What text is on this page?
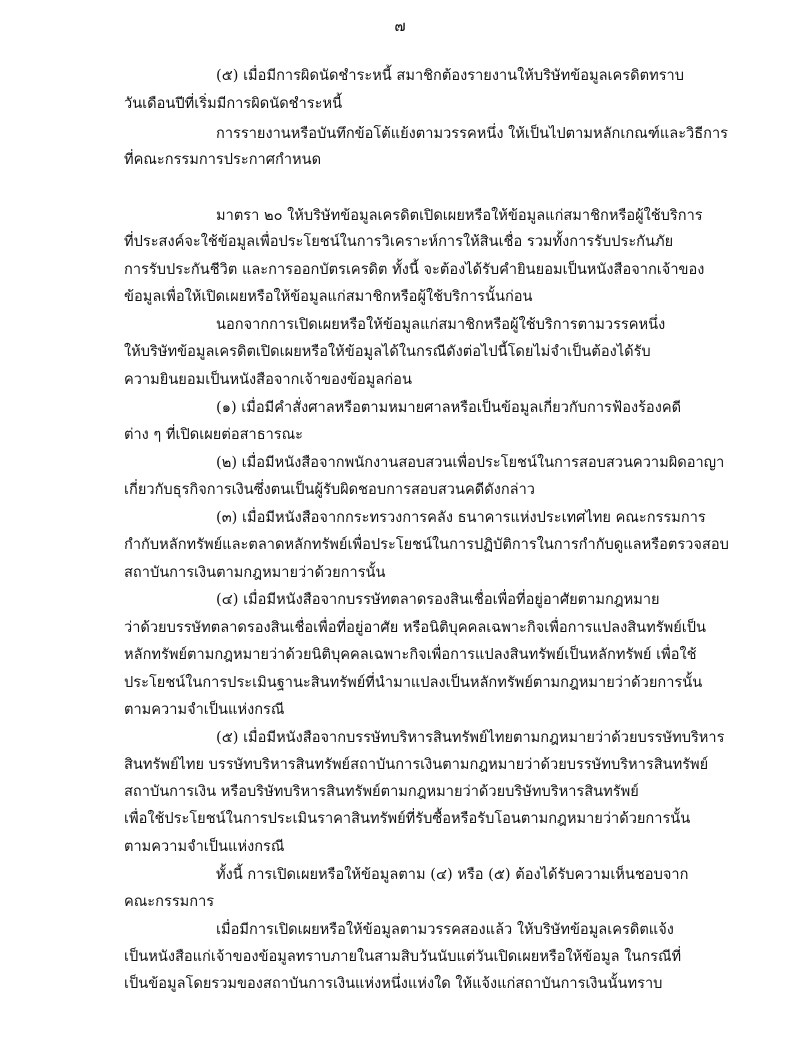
๗
(๕) เมื่อมีการผิดนัดชำระหนี้ สมาชิกต้องรายงานให้บริษัทข้อมูลเครดิตทราบ
วันเดือนปีที่เริ่มมีการผิดนัดชำระหนี้
การรายงานหรือบันทึกข้อโต้แย้งตามวรรคหนึ่ง ให้เป็นไปตามหลักเกณฑ์และวิธีการ
ที่คณะกรรมการประกาศกำหนด
มาตรา ๒๐ ให้บริษัทข้อมูลเครดิตเปิดเผยหรือให้ข้อมูลแก่สมาชิกหรือผู้ใช้บริการ
ที่ประสงค์จะใช้ข้อมูลเพื่อประโยชน์ในการวิเคราะห์การให้สินเชื่อ รวมทั้งการรับประกันภัย
การรับประกันชีวิต และการออกบัตรเครดิต ทั้งนี้ จะต้องได้รับคำยินยอมเป็นหนังสือจากเจ้าของ
ข้อมูลเพื่อให้เปิดเผยหรือให้ข้อมูลแก่สมาชิกหรือผู้ใช้บริการนั้นก่อน
นอกจากการเปิดเผยหรือให้ข้อมูลแก่สมาชิกหรือผู้ใช้บริการตามวรรคหนึ่ง
ให้บริษัทข้อมูลเครดิตเปิดเผยหรือให้ข้อมูลได้ในกรณีดังต่อไปนี้โดยไม่จำเป็นต้องได้รับ
ความยินยอมเป็นหนังสือจากเจ้าของข้อมูลก่อน
(๑) เมื่อมีคำสั่งศาลหรือตามหมายศาลหรือเป็นข้อมูลเกี่ยวกับการฟ้องร้องคดี
ต่าง ๆ ที่เปิดเผยต่อสาธารณะ
(๒) เมื่อมีหนังสือจากพนักงานสอบสวนเพื่อประโยชน์ในการสอบสวนความผิดอาญา
เกี่ยวกับธุรกิจการเงินซึ่งตนเป็นผู้รับผิดชอบการสอบสวนคดีดังกล่าว
(๓) เมื่อมีหนังสือจากกระทรวงการคลัง ธนาคารแห่งประเทศไทย คณะกรรมการ
กำกับหลักทรัพย์และตลาดหลักทรัพย์เพื่อประโยชน์ในการปฏิบัติการในการกำกับดูแลหรือตรวจสอบ
สถาบันการเงินตามกฎหมายว่าด้วยการนั้น
(๔) เมื่อมีหนังสือจากบรรษัทตลาดรองสินเชื่อเพื่อที่อยู่อาศัยตามกฎหมาย
ว่าด้วยบรรษัทตลาดรองสินเชื่อเพื่อที่อยู่อาศัย หรือนิติบุคคลเฉพาะกิจเพื่อการแปลงสินทรัพย์เป็น
หลักทรัพย์ตามกฎหมายว่าด้วยนิติบุคคลเฉพาะกิจเพื่อการแปลงสินทรัพย์เป็นหลักทรัพย์ เพื่อใช้
ประโยชน์ในการประเมินฐานะสินทรัพย์ที่นำมาแปลงเป็นหลักทรัพย์ตามกฎหมายว่าด้วยการนั้น
ตามความจำเป็นแห่งกรณี
(๕) เมื่อมีหนังสือจากบรรษัทบริหารสินทรัพย์ไทยตามกฎหมายว่าด้วยบรรษัทบริหาร
สินทรัพย์ไทย บรรษัทบริหารสินทรัพย์สถาบันการเงินตามกฎหมายว่าด้วยบรรษัทบริหารสินทรัพย์
สถาบันการเงิน หรือบริษัทบริหารสินทรัพย์ตามกฎหมายว่าด้วยบริษัทบริหารสินทรัพย์
เพื่อใช้ประโยชน์ในการประเมินราคาสินทรัพย์ที่รับซื้อหรือรับโอนตามกฎหมายว่าด้วยการนั้น
ตามความจำเป็นแห่งกรณี
ทั้งนี้ การเปิดเผยหรือให้ข้อมูลตาม (๔) หรือ (๕) ต้องได้รับความเห็นชอบจาก
คณะกรรมการ
เมื่อมีการเปิดเผยหรือให้ข้อมูลตามวรรคสองแล้ว ให้บริษัทข้อมูลเครดิตแจ้ง
เป็นหนังสือแก่เจ้าของข้อมูลทราบภายในสามสิบวันนับแต่วันเปิดเผยหรือให้ข้อมูล ในกรณีที่
เป็นข้อมูลโดยรวมของสถาบันการเงินแห่งหนึ่งแห่งใด ให้แจ้งแก่สถาบันการเงินนั้นทราบ
